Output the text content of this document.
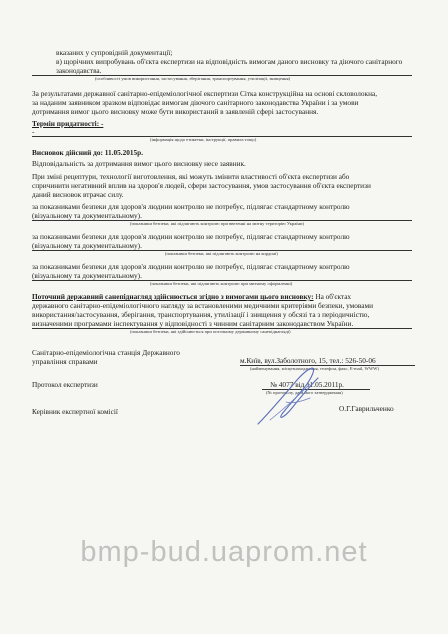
вказаних у супровідній документації;
в) щорічних випробувань об'єкта експертизи на відповідність вимогам даного висновку та діючого санітарного
законодавства.
(особливості умов використання, застосування, зберігання, транспортування, утилізації, знищення)
За результатами державної санітарно-епідеміологічної експертизи Сітка конструкційна на основі скловолокна,
за наданим заявником зразком відповідає вимогам діючого санітарного законодавства України і за умови
дотримання вимог цього висновку може бути використаний в заявленій сфері застосування.
Термін придатності: -
-
(інформація щодо етикетки, інструкції, правила тощо)
Висновок дійсний до: 11.05.2015р.
Відповідальність за дотримання вимог цього висновку несе заявник.
При зміні рецептури, технології виготовлення, які можуть змінити властивості об'єкта експертизи або
спричинити негативний вплив на здоров'я людей, сфери застосування, умов застосування об'єкта експертизи
даний висновок втрачає силу.
за показниками безпеки для здоров'я людини контролю не потребує, підлягає стандартному контролю
(візуальному та документальному).
(показники безпеки, які підлягають контролю при ввезенні на митну територію України)
за показниками безпеки для здоров'я людини контролю не потребує, підлягає стандартному контролю
(візуальному та документальному).
(показники безпеки, які підлягають контролю на кордоні)
за показниками безпеки для здоров'я людини контролю не потребує, підлягає стандартному контролю
(візуальному та документальному).
(показники безпеки, які підлягають контролю при митному оформленні)
Поточний державний санепіднагляд здійснюється згідно з вимогами цього висновку: На об'єктах
державного санітарно-епідеміологічного нагляду за встановленими медичними критеріями безпеки, умовами
використання/застосування, зберігання, транспортування, утилізації і знищення у обсязі та з періодичністю,
визначеними програмами інспектування у відповідності з чинним санітарним законодавством України.
(показники безпеки, які здійснюється при поточному державному санепіднагляді)
Санітарно-епідеміологічна станція Державного
управління справами	м.Київ, вул.Заболотного, 15, тел.: 526-50-06
(найменування, місцезнаходження, телефон, факс, E-mail, WWW)
Протокол експертизи	№ 4077 від 11.05.2011р.
(№ протоколу, дата його затвердження)
Керівник експертної комісії	О.Г.Гаврильченко
bmp-bud.uaprom.net
